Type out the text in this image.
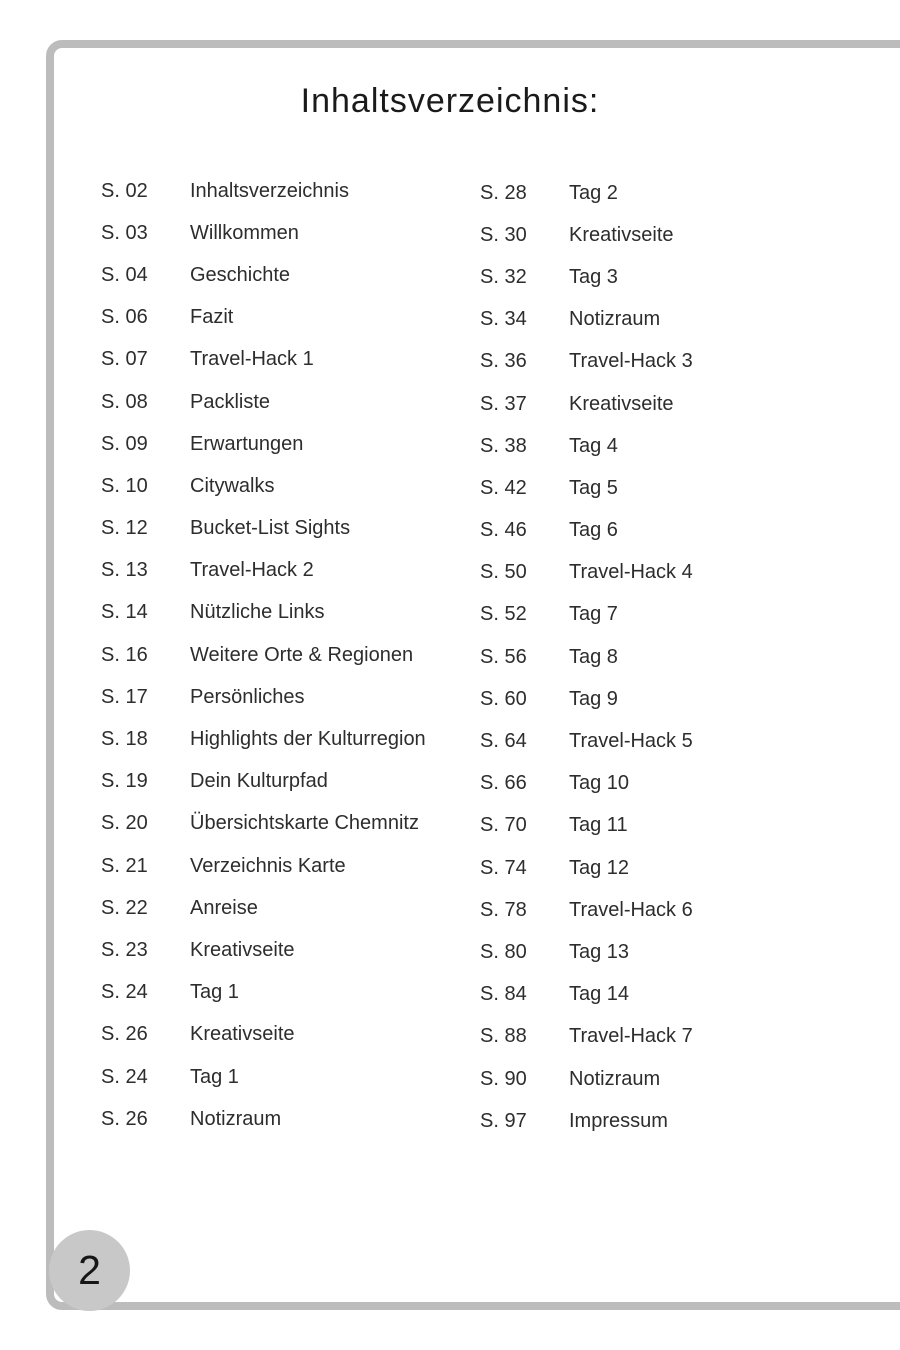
Inhaltsverzeichnis:
S. 02	Inhaltsverzeichnis
S. 03	Willkommen
S. 04	Geschichte
S. 06	Fazit
S. 07	Travel-Hack 1
S. 08	Packliste
S. 09	Erwartungen
S. 10	Citywalks
S. 12	Bucket-List Sights
S. 13	Travel-Hack 2
S. 14	Nützliche Links
S. 16	Weitere Orte & Regionen
S. 17	Persönliches
S. 18	Highlights der Kulturregion
S. 19	Dein Kulturpfad
S. 20	Übersichtskarte Chemnitz
S. 21	Verzeichnis Karte
S. 22	Anreise
S. 23	Kreativseite
S. 24	Tag 1
S. 26	Kreativseite
S. 24	Tag 1
S. 26	Notizraum
S. 28	Tag 2
S. 30	Kreativseite
S. 32	Tag 3
S. 34	Notizraum
S. 36	Travel-Hack 3
S. 37	Kreativseite
S. 38	Tag 4
S. 42	Tag 5
S. 46	Tag 6
S. 50	Travel-Hack 4
S. 52	Tag 7
S. 56	Tag 8
S. 60	Tag 9
S. 64	Travel-Hack 5
S. 66	Tag 10
S. 70	Tag 11
S. 74	Tag 12
S. 78	Travel-Hack 6
S. 80	Tag 13
S. 84	Tag 14
S. 88	Travel-Hack 7
S. 90	Notizraum
S. 97	Impressum
2
